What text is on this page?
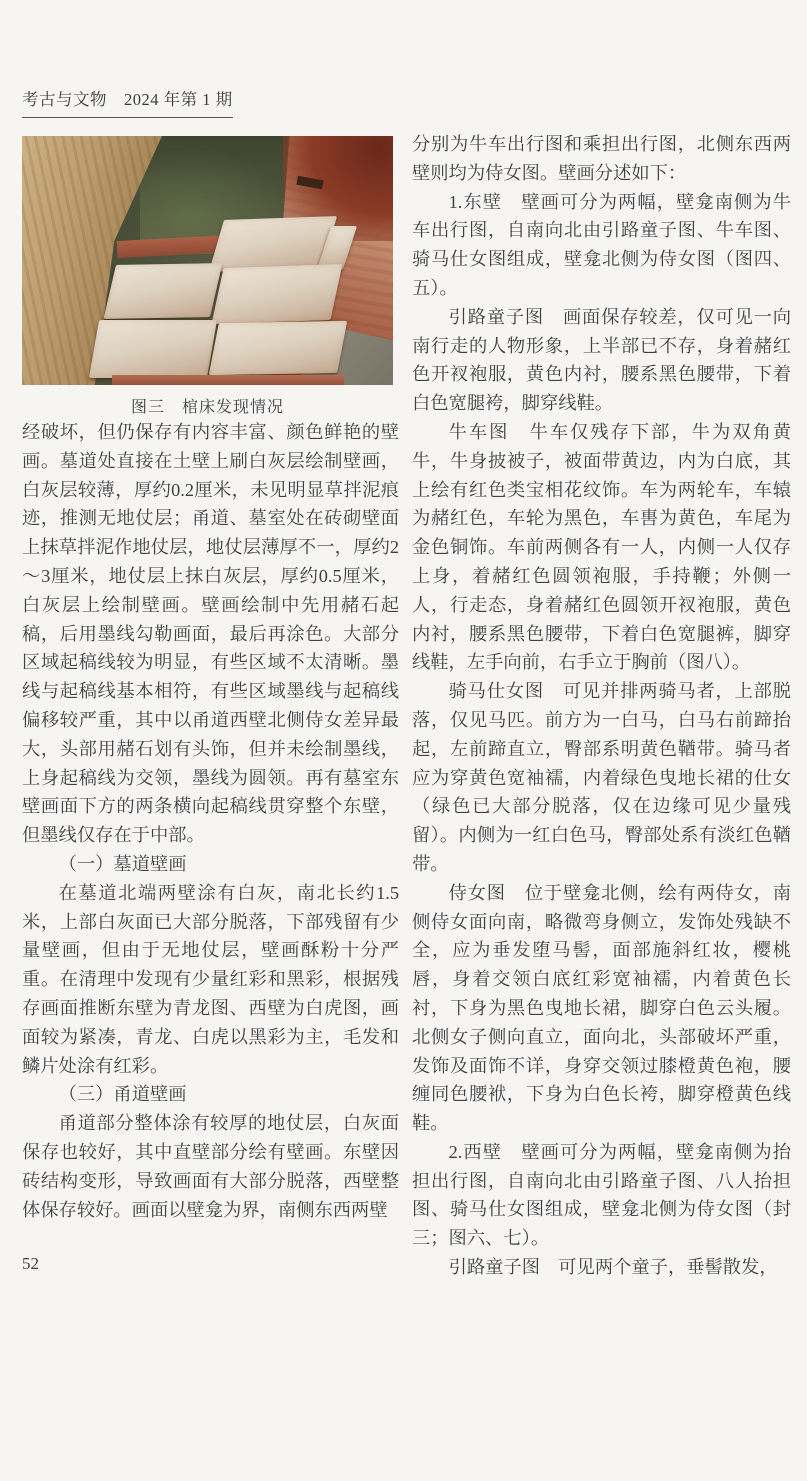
考古与文物　2024 年第 1 期
图三　棺床发现情况

经破坏，但仍保存有内容丰富、颜色鲜艳的壁画。墓道处直接在土壁上刷白灰层绘制壁画，白灰层较薄，厚约0.2厘米，未见明显草拌泥痕迹，推测无地仗层；甬道、墓室处在砖砌壁面上抹草拌泥作地仗层，地仗层薄厚不一，厚约2～3厘米，地仗层上抹白灰层，厚约0.5厘米，白灰层上绘制壁画。壁画绘制中先用赭石起稿，后用墨线勾勒画面，最后再涂色。大部分区域起稿线较为明显，有些区域不太清晰。墨线与起稿线基本相符，有些区域墨线与起稿线偏移较严重，其中以甬道西壁北侧侍女差异最大，头部用赭石划有头饰，但并未绘制墨线，上身起稿线为交领，墨线为圆领。再有墓室东壁画面下方的两条横向起稿线贯穿整个东壁，但墨线仅存在于中部。

（一）墓道壁画

在墓道北端两壁涂有白灰，南北长约1.5米，上部白灰面已大部分脱落，下部残留有少量壁画，但由于无地仗层，壁画酥粉十分严重。在清理中发现有少量红彩和黑彩，根据残存画面推断东壁为青龙图、西壁为白虎图，画面较为紧凑，青龙、白虎以黑彩为主，毛发和鳞片处涂有红彩。

（三）甬道壁画

甬道部分整体涂有较厚的地仗层，白灰面保存也较好，其中直壁部分绘有壁画。东壁因砖结构变形，导致画面有大部分脱落，西壁整体保存较好。画面以壁龛为界，南侧东西两壁

分别为牛车出行图和乘担出行图，北侧东西两壁则均为侍女图。壁画分述如下：

1.东壁　壁画可分为两幅，壁龛南侧为牛车出行图，自南向北由引路童子图、牛车图、骑马仕女图组成，壁龛北侧为侍女图（图四、五）。

引路童子图　画面保存较差，仅可见一向南行走的人物形象，上半部已不存，身着赭红色开衩袍服，黄色内衬，腰系黑色腰带，下着白色宽腿袴，脚穿线鞋。

牛车图　牛车仅残存下部，牛为双角黄牛，牛身披被子，被面带黄边，内为白底，其上绘有红色类宝相花纹饰。车为两轮车，车辕为赭红色，车轮为黑色，车軎为黄色，车尾为金色铜饰。车前两侧各有一人，内侧一人仅存上身，着赭红色圆领袍服，手持鞭；外侧一人，行走态，身着赭红色圆领开衩袍服，黄色内衬，腰系黑色腰带，下着白色宽腿裤，脚穿线鞋，左手向前，右手立于胸前（图八）。

骑马仕女图　可见并排两骑马者，上部脱落，仅见马匹。前方为一白马，白马右前蹄抬起，左前蹄直立，臀部系明黄色鞧带。骑马者应为穿黄色宽袖襦，内着绿色曳地长裙的仕女（绿色已大部分脱落，仅在边缘可见少量残留）。内侧为一红白色马，臀部处系有淡红色鞧带。

侍女图　位于壁龛北侧，绘有两侍女，南侧侍女面向南，略微弯身侧立，发饰处残缺不全，应为垂发堕马髻，面部施斜红妆，樱桃唇，身着交领白底红彩宽袖襦，内着黄色长衬，下身为黑色曳地长裙，脚穿白色云头履。北侧女子侧向直立，面向北，头部破坏严重，发饰及面饰不详，身穿交领过膝橙黄色袍，腰缠同色腰袱，下身为白色长袴，脚穿橙黄色线鞋。

2.西壁　壁画可分为两幅，壁龛南侧为抬担出行图，自南向北由引路童子图、八人抬担图、骑马仕女图组成，壁龛北侧为侍女图（封三；图六、七）。

引路童子图　可见两个童子，垂髻散发，

52
